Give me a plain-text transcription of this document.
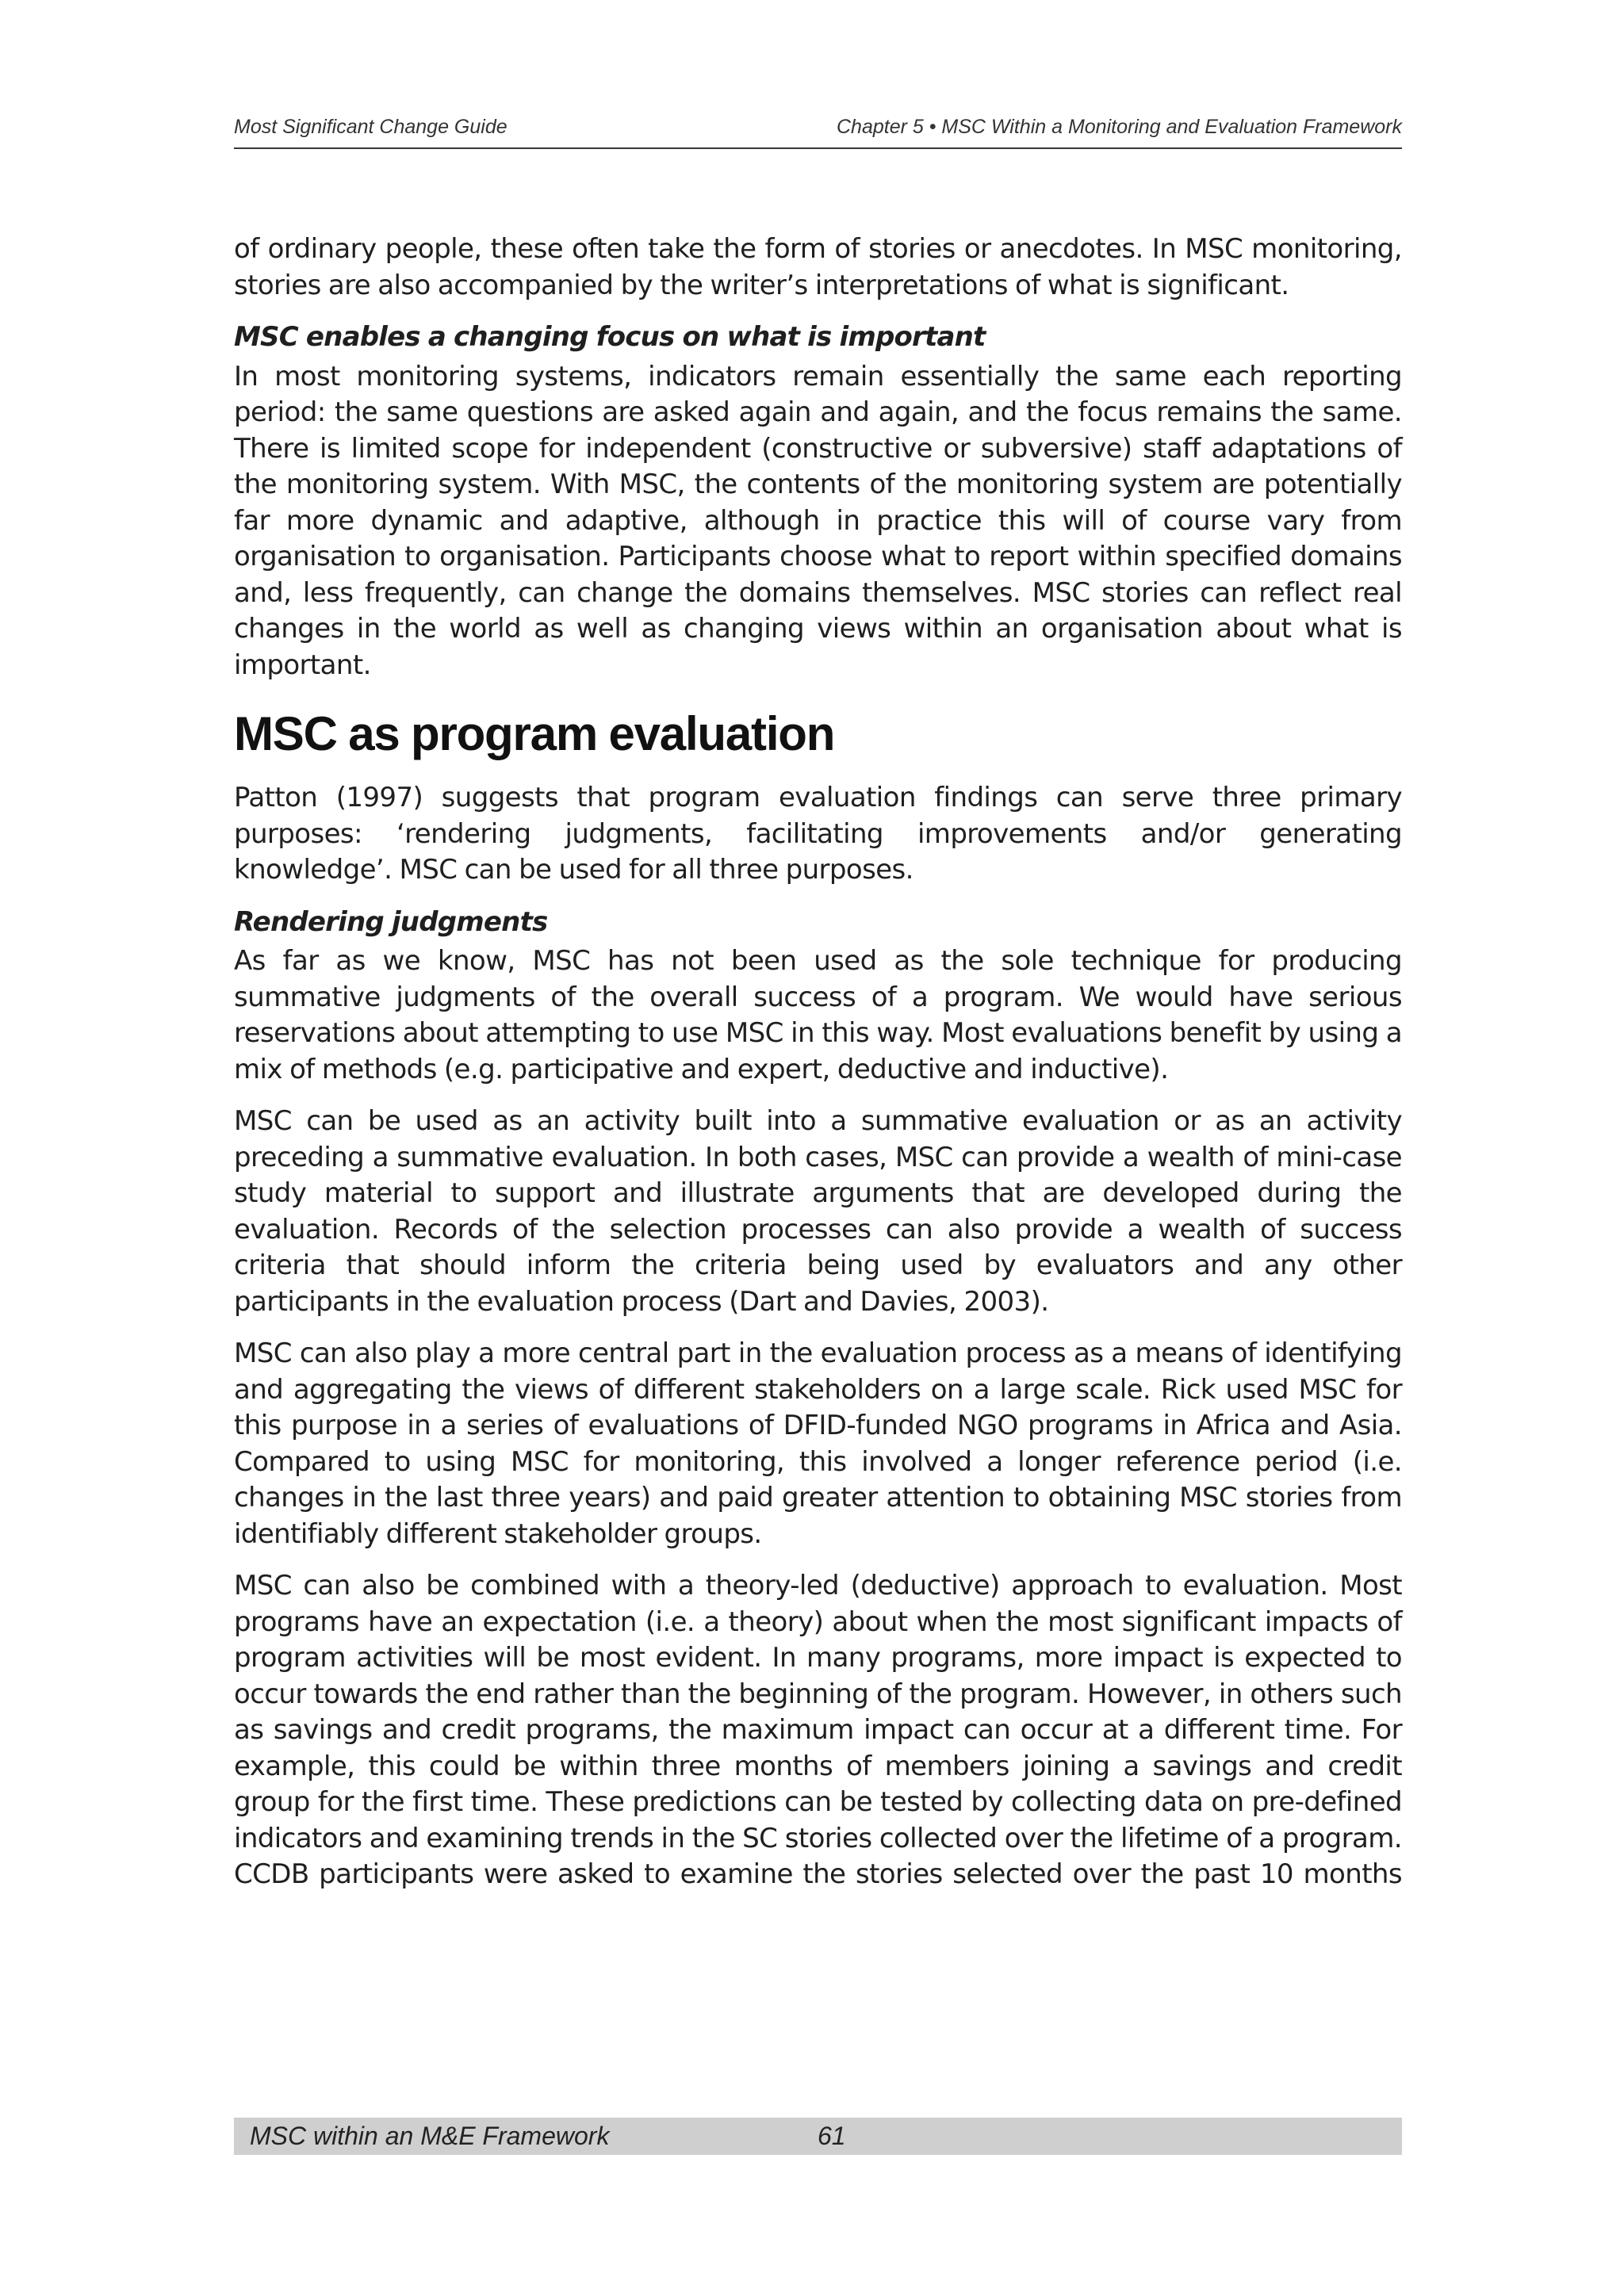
Most Significant Change Guide	Chapter 5 • MSC Within a Monitoring and Evaluation Framework

of ordinary people, these often take the form of stories or anecdotes. In MSC monitoring, stories are also accompanied by the writer’s interpretations of what is significant.

MSC enables a changing focus on what is important

In most monitoring systems, indicators remain essentially the same each reporting period: the same questions are asked again and again, and the focus remains the same. There is limited scope for independent (constructive or subversive) staff adaptations of the monitoring system. With MSC, the contents of the monitoring system are potentially far more dynamic and adaptive, although in practice this will of course vary from organisation to organisation. Participants choose what to report within specified domains and, less frequently, can change the domains themselves. MSC stories can reflect real changes in the world as well as changing views within an organisation about what is important.

MSC as program evaluation

Patton (1997) suggests that program evaluation findings can serve three primary purposes: ‘rendering judgments, facilitating improvements and/or generating knowledge’. MSC can be used for all three purposes.

Rendering judgments

As far as we know, MSC has not been used as the sole technique for producing summative judgments of the overall success of a program. We would have serious reservations about attempting to use MSC in this way. Most evaluations benefit by using a mix of methods (e.g. participative and expert, deductive and inductive).

MSC can be used as an activity built into a summative evaluation or as an activity preceding a summative evaluation. In both cases, MSC can provide a wealth of mini-case study material to support and illustrate arguments that are developed during the evaluation. Records of the selection processes can also provide a wealth of success criteria that should inform the criteria being used by evaluators and any other participants in the evaluation process (Dart and Davies, 2003).

MSC can also play a more central part in the evaluation process as a means of identifying and aggregating the views of different stakeholders on a large scale. Rick used MSC for this purpose in a series of evaluations of DFID-funded NGO programs in Africa and Asia. Compared to using MSC for monitoring, this involved a longer reference period (i.e. changes in the last three years) and paid greater attention to obtaining MSC stories from identifiably different stakeholder groups.

MSC can also be combined with a theory-led (deductive) approach to evaluation. Most programs have an expectation (i.e. a theory) about when the most significant impacts of program activities will be most evident. In many programs, more impact is expected to occur towards the end rather than the beginning of the program. However, in others such as savings and credit programs, the maximum impact can occur at a different time. For example, this could be within three months of members joining a savings and credit group for the first time. These predictions can be tested by collecting data on pre-defined indicators and examining trends in the SC stories collected over the lifetime of a program. CCDB participants were asked to examine the stories selected over the past 10 months

MSC within an M&E Framework	61
